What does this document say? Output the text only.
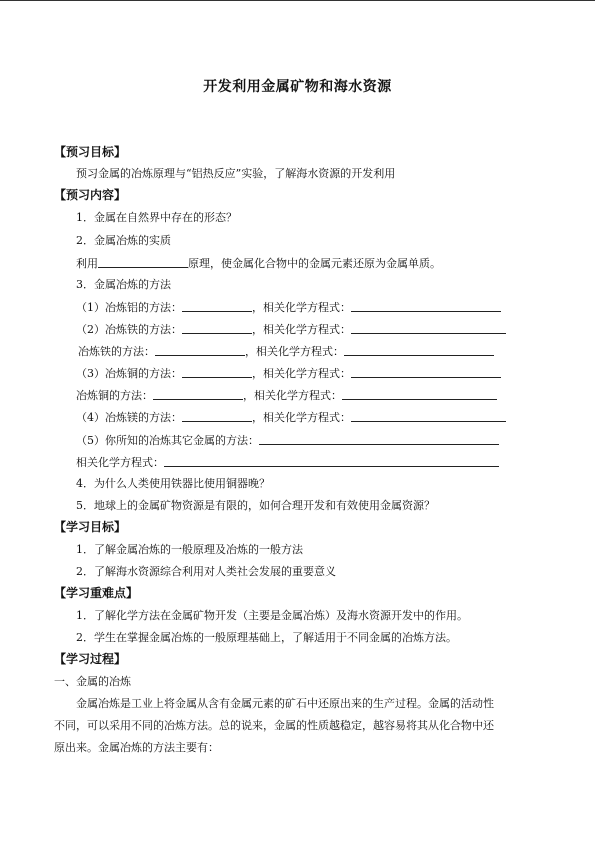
开发利用金属矿物和海水资源
【预习目标】
预习金属的冶炼原理与“铝热反应”实验，了解海水资源的开发利用
【预习内容】
1．金属在自然界中存在的形态？
2．金属冶炼的实质
利用	原理，使金属化合物中的金属元素还原为金属单质。
3．金属冶炼的方法
（1）冶炼铝的方法：	，相关化学方程式：
（2）冶炼铁的方法：	，相关化学方程式：
冶炼铁的方法：	，相关化学方程式：
（3）冶炼铜的方法：	，相关化学方程式：
冶炼铜的方法：	，相关化学方程式：
（4）冶炼镁的方法：	，相关化学方程式：
（5）你所知的冶炼其它金属的方法：
相关化学方程式：
4．为什么人类使用铁器比使用铜器晚？
5．地球上的金属矿物资源是有限的，如何合理开发和有效使用金属资源？
【学习目标】
1．了解金属冶炼的一般原理及冶炼的一般方法
2．了解海水资源综合利用对人类社会发展的重要意义
【学习重难点】
1．了解化学方法在金属矿物开发（主要是金属冶炼）及海水资源开发中的作用。
2．学生在掌握金属冶炼的一般原理基础上，了解适用于不同金属的冶炼方法。
【学习过程】
一、金属的冶炼
金属冶炼是工业上将金属从含有金属元素的矿石中还原出来的生产过程。金属的活动性
不同，可以采用不同的冶炼方法。总的说来，金属的性质越稳定，越容易将其从化合物中还
原出来。金属冶炼的方法主要有：
